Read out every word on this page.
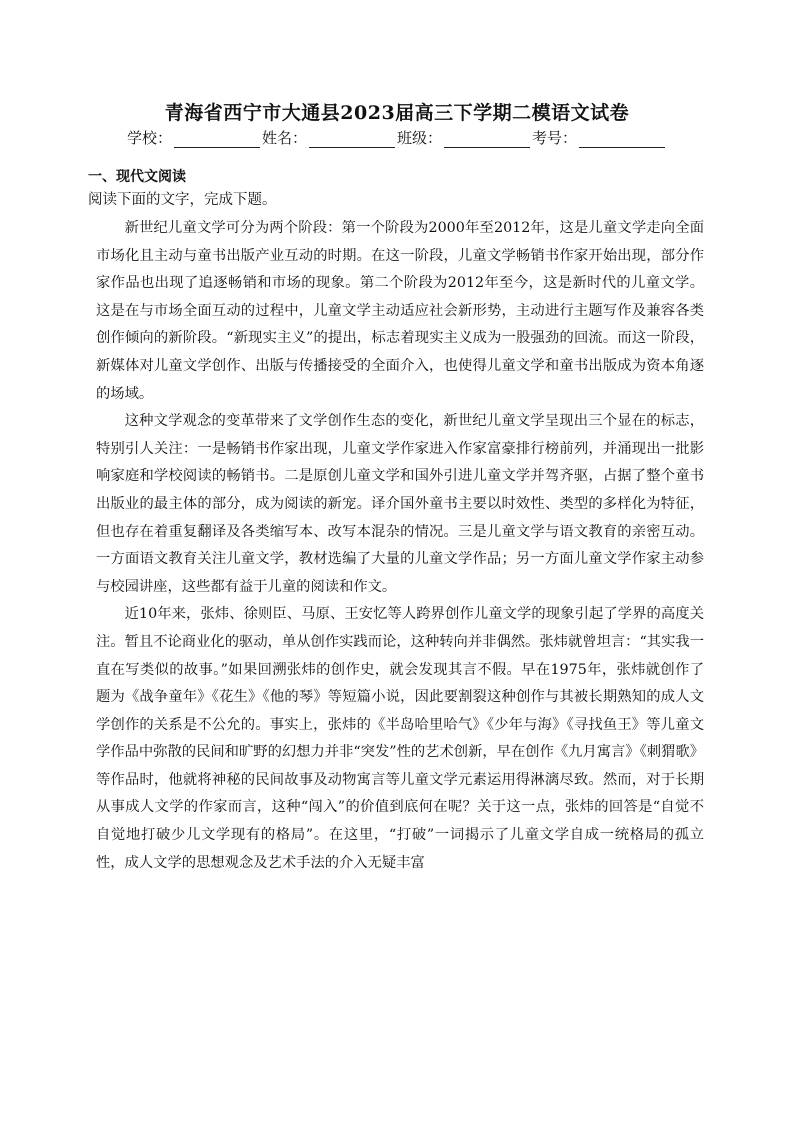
青海省西宁市大通县2023届高三下学期二模语文试卷
学校：	姓名：	班级：	考号：
一、现代文阅读
阅读下面的文字，完成下题。

新世纪儿童文学可分为两个阶段：第一个阶段为2000年至2012年，这是儿童文学走向全面市场化且主动与童书出版产业互动的时期。在这一阶段，儿童文学畅销书作家开始出现，部分作家作品也出现了追逐畅销和市场的现象。第二个阶段为2012年至今，这是新时代的儿童文学。这是在与市场全面互动的过程中，儿童文学主动适应社会新形势，主动进行主题写作及兼容各类创作倾向的新阶段。“新现实主义”的提出，标志着现实主义成为一股强劲的回流。而这一阶段，新媒体对儿童文学创作、出版与传播接受的全面介入，也使得儿童文学和童书出版成为资本角逐的场域。

这种文学观念的变革带来了文学创作生态的变化，新世纪儿童文学呈现出三个显在的标志，特别引人关注：一是畅销书作家出现，儿童文学作家进入作家富豪排行榜前列，并涌现出一批影响家庭和学校阅读的畅销书。二是原创儿童文学和国外引进儿童文学并驾齐驱，占据了整个童书出版业的最主体的部分，成为阅读的新宠。译介国外童书主要以时效性、类型的多样化为特征，但也存在着重复翻译及各类缩写本、改写本混杂的情况。三是儿童文学与语文教育的亲密互动。一方面语文教育关注儿童文学，教材选编了大量的儿童文学作品；另一方面儿童文学作家主动参与校园讲座，这些都有益于儿童的阅读和作文。

近10年来，张炜、徐则臣、马原、王安忆等人跨界创作儿童文学的现象引起了学界的高度关注。暂且不论商业化的驱动，单从创作实践而论，这种转向并非偶然。张炜就曾坦言：“其实我一直在写类似的故事。”如果回溯张炜的创作史，就会发现其言不假。早在1975年，张炜就创作了题为《战争童年》《花生》《他的琴》等短篇小说，因此要割裂这种创作与其被长期熟知的成人文学创作的关系是不公允的。事实上，张炜的《半岛哈里哈气》《少年与海》《寻找鱼王》等儿童文学作品中弥散的民间和旷野的幻想力并非“突发”性的艺术创新，早在创作《九月寓言》《刺猬歌》等作品时，他就将神秘的民间故事及动物寓言等儿童文学元素运用得淋漓尽致。然而，对于长期从事成人文学的作家而言，这种“闯入”的价值到底何在呢？关于这一点，张炜的回答是“自觉不自觉地打破少儿文学现有的格局”。在这里，“打破”一词揭示了儿童文学自成一统格局的孤立性，成人文学的思想观念及艺术手法的介入无疑丰富
